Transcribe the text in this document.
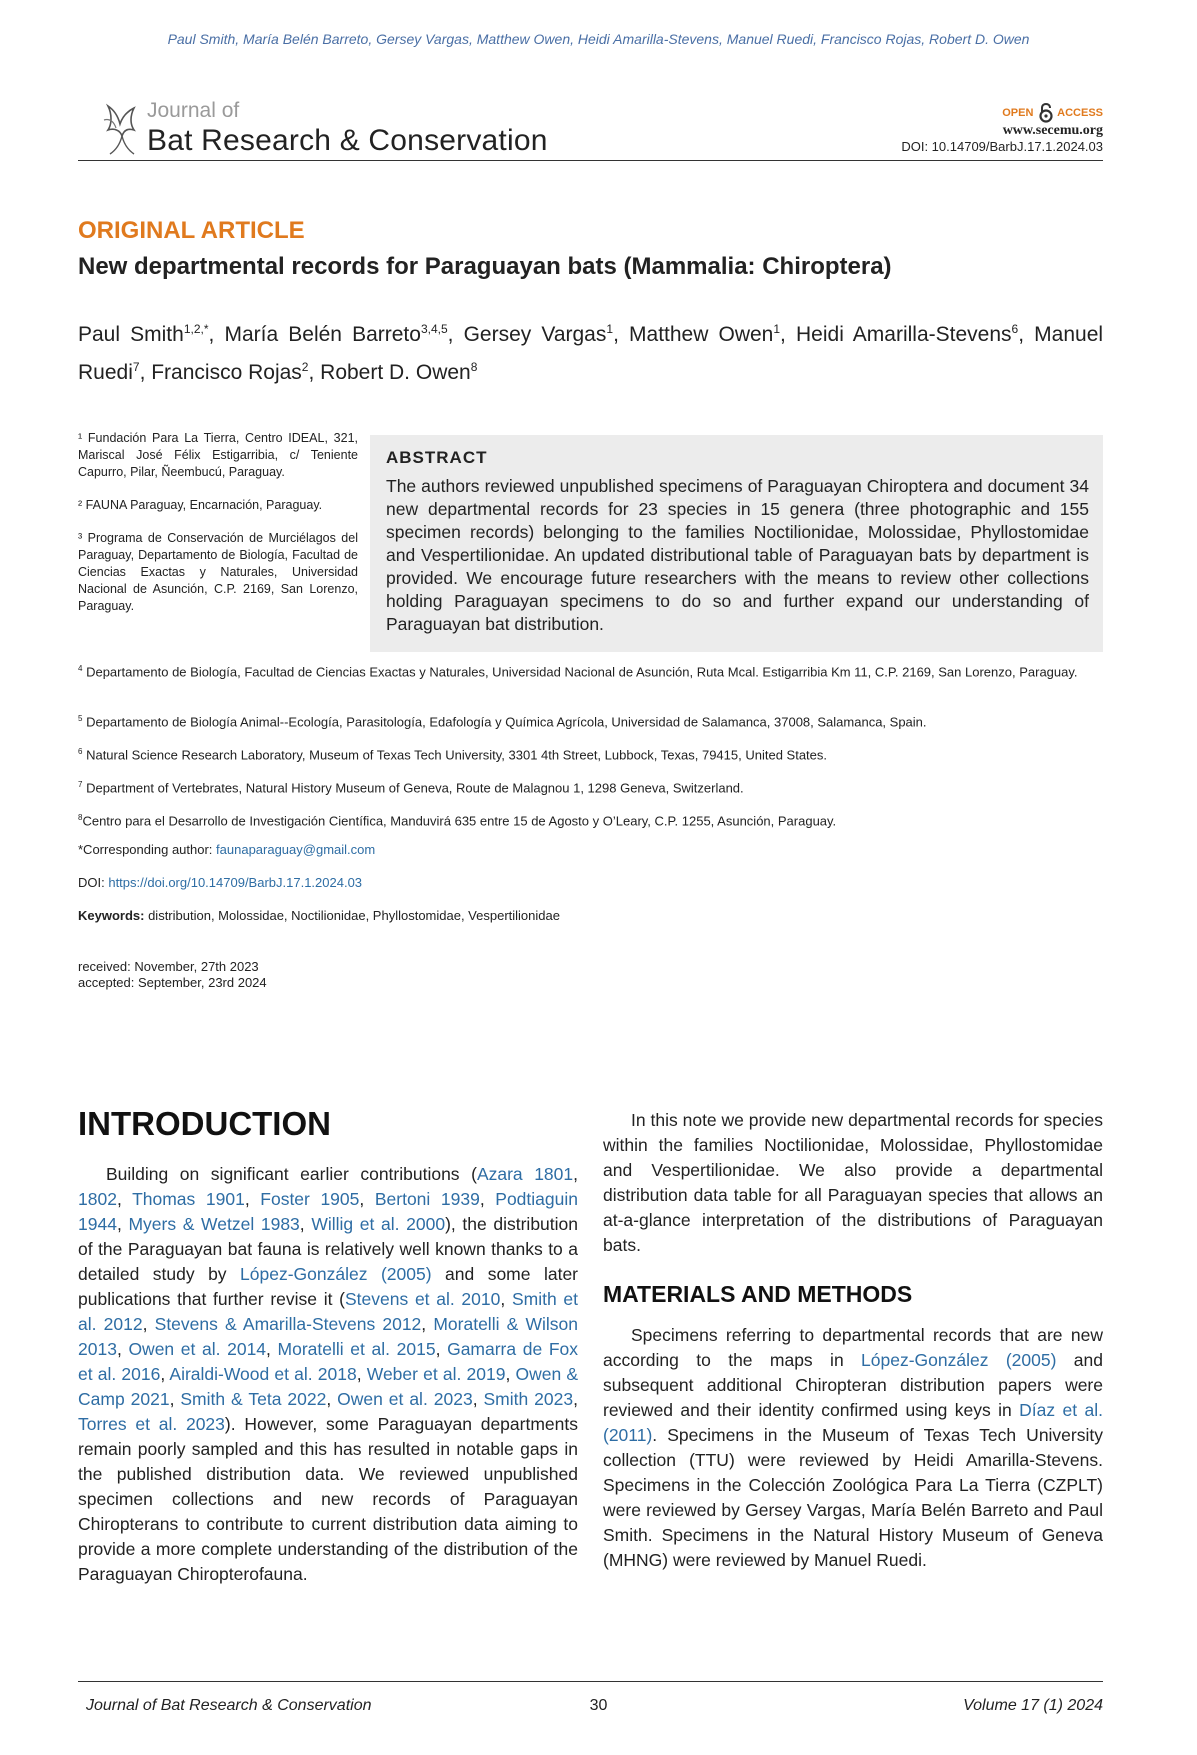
Paul Smith, María Belén Barreto, Gersey Vargas, Matthew Owen, Heidi Amarilla-Stevens, Manuel Ruedi, Francisco Rojas, Robert D. Owen
Journal of
Bat Research & Conservation
OPEN ACCESS
www.secemu.org
DOI: 10.14709/BarbJ.17.1.2024.03
ORIGINAL ARTICLE
New departmental records for Paraguayan bats (Mammalia: Chiroptera)
Paul Smith$^{1,2,*}$, María Belén Barreto$^{3,4,5}$, Gersey Vargas$^1$, Matthew Owen$^1$, Heidi Amarilla-Stevens$^6$, Manuel Ruedi$^7$, Francisco Rojas$^2$, Robert D. Owen$^8$

¹ Fundación Para La Tierra, Centro IDEAL, 321, Mariscal José Félix Estigarribia, c/ Teniente Capurro, Pilar, Ñeembucú, Paraguay.

² FAUNA Paraguay, Encarnación, Paraguay.

³ Programa de Conservación de Murciélagos del Paraguay, Departamento de Biología, Facultad de Ciencias Exactas y Naturales, Universidad Nacional de Asunción, C.P. 2169, San Lorenzo, Paraguay.

ABSTRACT
The authors reviewed unpublished specimens of Paraguayan Chiroptera and document 34 new departmental records for 23 species in 15 genera (three photographic and 155 specimen records) belonging to the families Noctilionidae, Molossidae, Phyllostomidae and Vespertilionidae. An updated distributional table of Paraguayan bats by department is provided. We encourage future researchers with the means to review other collections holding Paraguayan specimens to do so and further expand our understanding of Paraguayan bat distribution.
$^4$ Departamento de Biología, Facultad de Ciencias Exactas y Naturales, Universidad Nacional de Asunción, Ruta Mcal. Estigarribia Km 11, C.P. 2169, San Lorenzo, Paraguay.
$^5$ Departamento de Biología Animal--Ecología, Parasitología, Edafología y Química Agrícola, Universidad de Salamanca, 37008, Salamanca, Spain.
$^6$ Natural Science Research Laboratory, Museum of Texas Tech University, 3301 4th Street, Lubbock, Texas, 79415, United States.
$^7$ Department of Vertebrates, Natural History Museum of Geneva, Route de Malagnou 1, 1298 Geneva, Switzerland.
$^8$Centro para el Desarrollo de Investigación Científica, Manduvirá 635 entre 15 de Agosto y O’Leary, C.P. 1255, Asunción, Paraguay.
*Corresponding author: faunaparaguay@gmail.com
DOI: https://doi.org/10.14709/BarbJ.17.1.2024.03
Keywords: distribution, Molossidae, Noctilionidae, Phyllostomidae, Vespertilionidae
received: November, 27th 2023
accepted: September, 23rd 2024
INTRODUCTION

Building on significant earlier contributions (Azara 1801, 1802, Thomas 1901, Foster 1905, Bertoni 1939, Podtiaguin 1944, Myers & Wetzel 1983, Willig et al. 2000), the distribution of the Paraguayan bat fauna is relatively well known thanks to a detailed study by López-González (2005) and some later publications that further revise it (Stevens et al. 2010, Smith et al. 2012, Stevens & Amarilla-Stevens 2012, Moratelli & Wilson 2013, Owen et al. 2014, Moratelli et al. 2015, Gamarra de Fox et al. 2016, Airaldi-Wood et al. 2018, Weber et al. 2019, Owen & Camp 2021, Smith & Teta 2022, Owen et al. 2023, Smith 2023, Torres et al. 2023). However, some Paraguayan departments remain poorly sampled and this has resulted in notable gaps in the published distribution data. We reviewed unpublished specimen collections and new records of Paraguayan Chiropterans to contribute to current distribution data aiming to provide a more complete understanding of the distribution of the Paraguayan Chiropterofauna.

In this note we provide new departmental records for species within the families Noctilionidae, Molossidae, Phyllostomidae and Vespertilionidae. We also provide a departmental distribution data table for all Paraguayan species that allows an at-a-glance interpretation of the distributions of Paraguayan bats.

MATERIALS AND METHODS

Specimens referring to departmental records that are new according to the maps in López-González (2005) and subsequent additional Chiropteran distribution papers were reviewed and their identity confirmed using keys in Díaz et al. (2011). Specimens in the Museum of Texas Tech University collection (TTU) were reviewed by Heidi Amarilla-Stevens. Specimens in the Colección Zoológica Para La Tierra (CZPLT) were reviewed by Gersey Vargas, María Belén Barreto and Paul Smith. Specimens in the Natural History Museum of Geneva (MHNG) were reviewed by Manuel Ruedi.

Journal of Bat Research & Conservation	30	Volume 17 (1) 2024
